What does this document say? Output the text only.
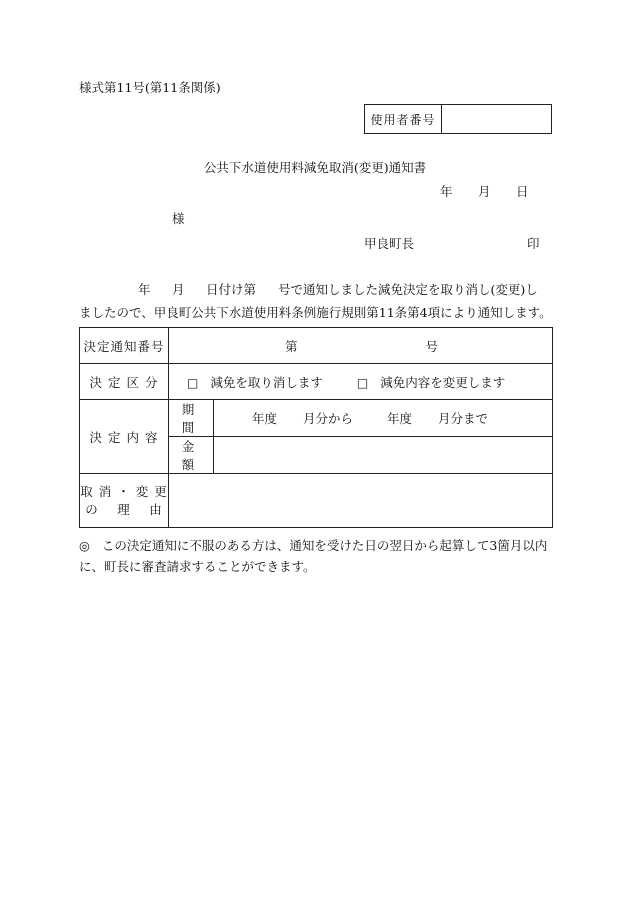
様式第11号(第11条関係)
使用者番号
公共下水道使用料減免取消(変更)通知書
年	月	日
様
甲良町長	印
年	月	日付け第	号で通知しました減免決定を取り消し(変更)し
ましたので、甲良町公共下水道使用料条例施行規則第11条第4項により通知します。
決定通知番号	第 号	
決 定 区 分	□ 減免を取り消します □ 減免内容を変更します	
決 定 内 容	期 間	年度 月分から 年度 月分まで
	金 額	

取 消 ・ 変 更
の 　理 　由		

◎ この決定通知に不服のある方は、通知を受けた日の翌日から起算して3箇月以内に、町長に審査請求することができます。
